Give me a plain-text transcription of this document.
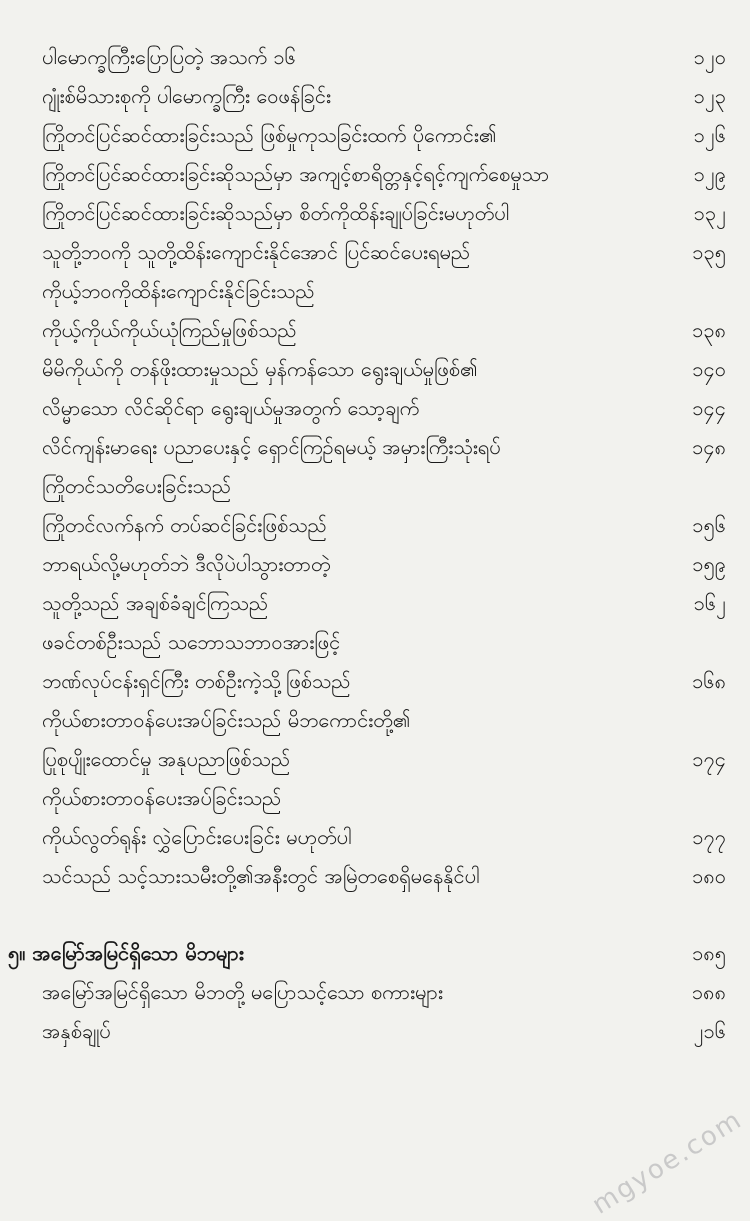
ပါမောက္ခကြီးပြောပြတဲ့ အသက် ၁၆	၁၂၀
ဂျုံးစ်မိသားစုကို ပါမောက္ခကြီး ဝေဖန်ခြင်း	၁၂၃
ကြိုတင်ပြင်ဆင်ထားခြင်းသည် ဖြစ်မှုကုသခြင်းထက် ပိုကောင်း၏	၁၂၆
ကြိုတင်ပြင်ဆင်ထားခြင်းဆိုသည်မှာ အကျင့်စာရိတ္တနှင့်ရင့်ကျက်စေမှုသာ	၁၂၉
ကြိုတင်ပြင်ဆင်ထားခြင်းဆိုသည်မှာ စိတ်ကိုထိန်းချုပ်ခြင်းမဟုတ်ပါ	၁၃၂
သူတို့ဘဝကို သူတို့ထိန်းကျောင်းနိုင်အောင် ပြင်ဆင်ပေးရမည်	၁၃၅
ကိုယ့်ဘဝကိုထိန်းကျောင်းနိုင်ခြင်းသည်
ကိုယ့်ကိုယ်ကိုယ်ယုံကြည်မှုဖြစ်သည်	၁၃၈
မိမိကိုယ်ကို တန်ဖိုးထားမှုသည် မှန်ကန်သော ရွေးချယ်မှုဖြစ်၏	၁၄၀
လိမ္မာသော လိင်ဆိုင်ရာ ရွေးချယ်မှုအတွက် သော့ချက်	၁၄၄
လိင်ကျန်းမာရေး ပညာပေးနှင့် ရှောင်ကြဉ်ရမယ့် အမှားကြီးသုံးရပ်	၁၄၈
ကြိုတင်သတိပေးခြင်းသည်
ကြိုတင်လက်နက် တပ်ဆင်ခြင်းဖြစ်သည်	၁၅၆
ဘာရယ်လို့မဟုတ်ဘဲ ဒီလိုပဲပါသွားတာတဲ့	၁၅၉
သူတို့သည် အချစ်ခံချင်ကြသည်	၁၆၂
ဖခင်တစ်ဦးသည် သဘောသဘာဝအားဖြင့်
ဘဏ်လုပ်ငန်းရှင်ကြီး တစ်ဦးကဲ့သို့ဖြစ်သည်	၁၆၈
ကိုယ်စားတာဝန်ပေးအပ်ခြင်းသည် မိဘကောင်းတို့၏
ပြုစုပျိုးထောင်မှု အနုပညာဖြစ်သည်	၁၇၄
ကိုယ်စားတာဝန်ပေးအပ်ခြင်းသည်
ကိုယ်လွတ်ရုန်း လွှဲပြောင်းပေးခြင်း မဟုတ်ပါ	၁၇၇
သင်သည် သင့်သားသမီးတို့၏အနီးတွင် အမြဲတစေရှိမနေနိုင်ပါ	၁၈၀
၅။ အမြော်အမြင်ရှိသော မိဘများ	၁၈၅
အမြော်အမြင်ရှိသော မိဘတို့ မပြောသင့်သော စကားများ	၁၈၈
အနှစ်ချုပ်	၂၁၆
mgyoe.com
